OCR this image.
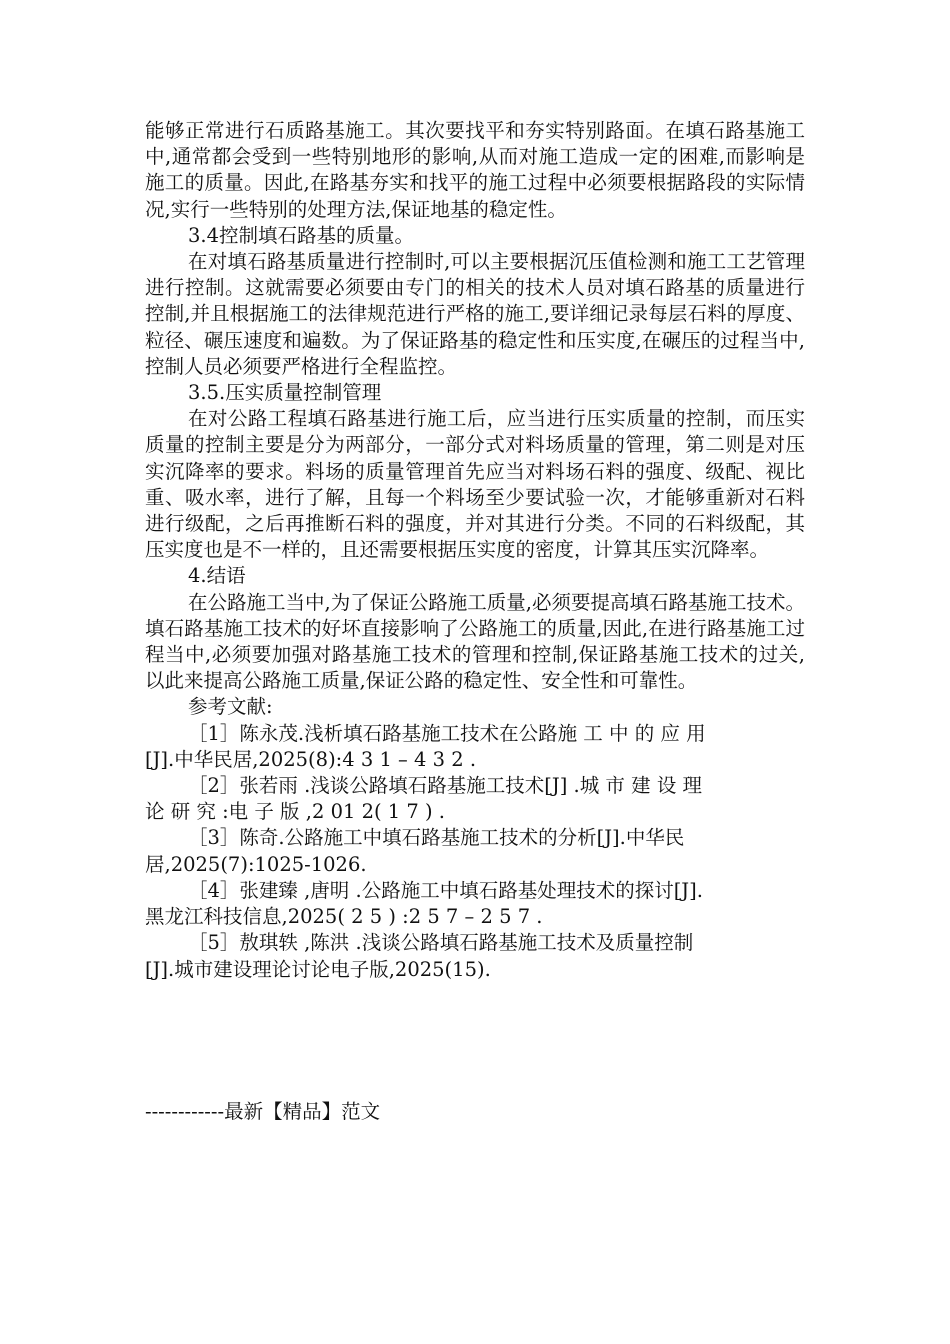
能够正常进行石质路基施工。其次要找平和夯实特别路面。在填石路基施工中,通常都会受到一些特别地形的影响,从而对施工造成一定的困难,而影响是施工的质量。因此,在路基夯实和找平的施工过程中必须要根据路段的实际情况,实行一些特别的处理方法,保证地基的稳定性。

3.4控制填石路基的质量。

在对填石路基质量进行控制时,可以主要根据沉压值检测和施工工艺管理进行控制。这就需要必须要由专门的相关的技术人员对填石路基的质量进行控制,并且根据施工的法律规范进行严格的施工,要详细记录每层石料的厚度、粒径、碾压速度和遍数。为了保证路基的稳定性和压实度,在碾压的过程当中,控制人员必须要严格进行全程监控。

3.5.压实质量控制管理

在对公路工程填石路基进行施工后，应当进行压实质量的控制，而压实质量的控制主要是分为两部分，一部分式对料场质量的管理，第二则是对压实沉降率的要求。料场的质量管理首先应当对料场石料的强度、级配、视比重、吸水率，进行了解，且每一个料场至少要试验一次，才能够重新对石料进行级配，之后再推断石料的强度，并对其进行分类。不同的石料级配，其压实度也是不一样的，且还需要根据压实度的密度，计算其压实沉降率。

4.结语

在公路施工当中,为了保证公路施工质量,必须要提高填石路基施工技术。填石路基施工技术的好坏直接影响了公路施工的质量,因此,在进行路基施工过程当中,必须要加强对路基施工技术的管理和控制,保证路基施工技术的过关,以此来提高公路施工质量,保证公路的稳定性、安全性和可靠性。

参考文献:

［1］陈永茂.浅析填石路基施工技术在公路施 工 中 的 应 用
[J].中华民居,2025(8):4 3 1 – 4 3 2 .

［2］张若雨 .浅谈公路填石路基施工技术[J] .城 市 建 设 理
论 研 究 :电 子 版 ,2 01 2( 1 7 ) .

［3］陈奇.公路施工中填石路基施工技术的分析[J].中华民
居,2025(7):1025-1026.

［4］张建臻 ,唐明 .公路施工中填石路基处理技术的探讨[J].
黑龙江科技信息,2025( 2 5 ) :2 5 7 – 2 5 7 .

［5］敖琪轶 ,陈洪 .浅谈公路填石路基施工技术及质量控制
[J].城市建设理论讨论电子版,2025(15).

------------最新【精品】范文
